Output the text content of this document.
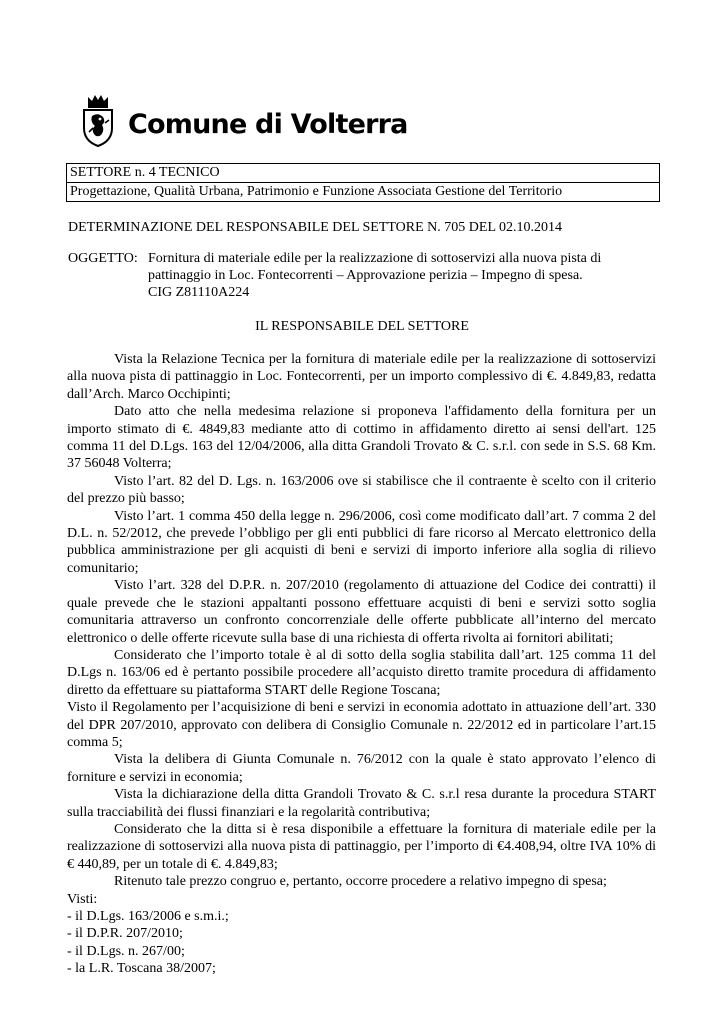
Comune di Volterra
SETTORE n. 4 TECNICO
Progettazione, Qualità Urbana, Patrimonio e Funzione Associata Gestione del Territorio
DETERMINAZIONE DEL RESPONSABILE DEL SETTORE N. 705 DEL 02.10.2014
OGGETTO: Fornitura di materiale edile per la realizzazione di sottoservizi alla nuova pista di
pattinaggio in Loc. Fontecorrenti – Approvazione perizia – Impegno di spesa.
CIG Z81110A224
IL RESPONSABILE DEL SETTORE

Vista la Relazione Tecnica per la fornitura di materiale edile per la realizzazione di sottoservizi alla nuova pista di pattinaggio in Loc. Fontecorrenti, per un importo complessivo di €. 4.849,83, redatta dall’Arch. Marco Occhipinti;

Dato atto che nella medesima relazione si proponeva l'affidamento della fornitura per un importo stimato di €. 4849,83 mediante atto di cottimo in affidamento diretto ai sensi dell'art. 125 comma 11 del D.Lgs. 163 del 12/04/2006, alla ditta Grandoli Trovato & C. s.r.l. con sede in S.S. 68 Km. 37 56048 Volterra;

Visto l’art. 82 del D. Lgs. n. 163/2006 ove si stabilisce che il contraente è scelto con il criterio del prezzo più basso;

Visto l’art. 1 comma 450 della legge n. 296/2006, così come modificato dall’art. 7 comma 2 del D.L. n. 52/2012, che prevede l’obbligo per gli enti pubblici di fare ricorso al Mercato elettronico della pubblica amministrazione per gli acquisti di beni e servizi di importo inferiore alla soglia di rilievo comunitario;

Visto l’art. 328 del D.P.R. n. 207/2010 (regolamento di attuazione del Codice dei contratti) il quale prevede che le stazioni appaltanti possono effettuare acquisti di beni e servizi sotto soglia comunitaria attraverso un confronto concorrenziale delle offerte pubblicate all’interno del mercato elettronico o delle offerte ricevute sulla base di una richiesta di offerta rivolta ai fornitori abilitati;

Considerato che l’importo totale è al di sotto della soglia stabilita dall’art. 125 comma 11 del D.Lgs n. 163/06 ed è pertanto possibile procedere all’acquisto diretto tramite procedura di affidamento diretto da effettuare su piattaforma START delle Regione Toscana;

Visto il Regolamento per l’acquisizione di beni e servizi in economia adottato in attuazione dell’art. 330 del DPR 207/2010, approvato con delibera di Consiglio Comunale n. 22/2012 ed in particolare l’art.15 comma 5;

Vista la delibera di Giunta Comunale n. 76/2012 con la quale è stato approvato l’elenco di forniture e servizi in economia;

Vista la dichiarazione della ditta Grandoli Trovato & C. s.r.l resa durante la procedura START sulla tracciabilità dei flussi finanziari e la regolarità contributiva;

Considerato che la ditta si è resa disponibile a effettuare la fornitura di materiale edile per la realizzazione di sottoservizi alla nuova pista di pattinaggio, per l’importo di €4.408,94, oltre IVA 10% di € 440,89, per un totale di €. 4.849,83;

Ritenuto tale prezzo congruo e, pertanto, occorre procedere a relativo impegno di spesa;

Visti:

- il D.Lgs. 163/2006 e s.m.i.;

- il D.P.R. 207/2010;

- il D.Lgs. n. 267/00;

- la L.R. Toscana 38/2007;
